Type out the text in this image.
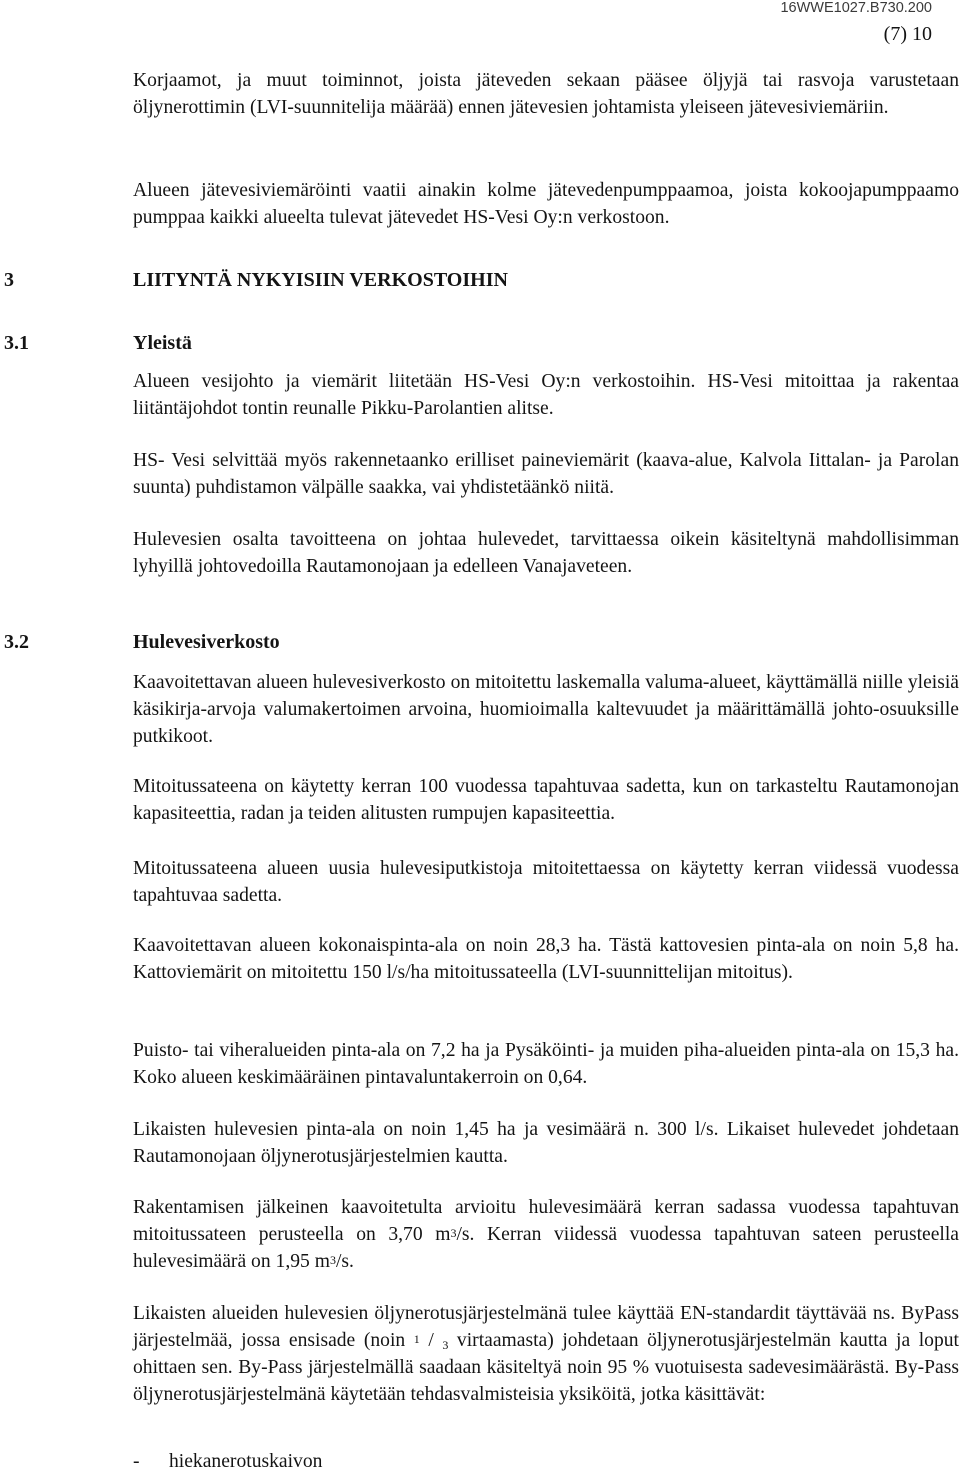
16WWE1027.B730.200
(7) 10

Korjaamot, ja muut toiminnot, joista jäteveden sekaan pääsee öljyjä tai rasvoja varustetaan öljynerottimin (LVI-suunnitelija määrää) ennen jätevesien johtamista yleiseen jätevesiviemäriin.

Alueen jätevesiviemäröinti vaatii ainakin kolme jätevedenpumppaamoa, joista kokoojapumppaamo pumppaa kaikki alueelta tulevat jätevedet HS-Vesi Oy:n verkostoon.

3	LIITYNTÄ NYKYISIIN VERKOSTOIHIN
3.1	Yleistä

Alueen vesijohto ja viemärit liitetään HS-Vesi Oy:n verkostoihin. HS-Vesi mitoittaa ja rakentaa liitäntäjohdot tontin reunalle Pikku-Parolantien alitse.

HS- Vesi selvittää myös rakennetaanko erilliset paineviemärit (kaava-alue, Kalvola Iittalan- ja Parolan suunta) puhdistamon välpälle saakka, vai yhdistetäänkö niitä.

Hulevesien osalta tavoitteena on johtaa hulevedet, tarvittaessa oikein käsiteltynä mahdollisimman lyhyillä johtovedoilla Rautamonojaan ja edelleen Vanajaveteen.

3.2	Hulevesiverkosto

Kaavoitettavan alueen hulevesiverkosto on mitoitettu laskemalla valuma-alueet, käyttämällä niille yleisiä käsikirja-arvoja valumakertoimen arvoina, huomioimalla kaltevuudet ja määrittämällä johto-osuuksille putkikoot.

Mitoitussateena on käytetty kerran 100 vuodessa tapahtuvaa sadetta, kun on tarkasteltu Rautamonojan kapasiteettia, radan ja teiden alitusten rumpujen kapasiteettia.

Mitoitussateena alueen uusia hulevesiputkistoja mitoitettaessa on käytetty kerran viidessä vuodessa tapahtuvaa sadetta.

Kaavoitettavan alueen kokonaispinta-ala on noin 28,3 ha. Tästä kattovesien pinta-ala on noin 5,8 ha. Kattoviemärit on mitoitettu 150 l/s/ha mitoitussateella (LVI-suunnittelijan mitoitus).

Puisto- tai viheralueiden pinta-ala on 7,2 ha ja Pysäköinti- ja muiden piha-alueiden pinta-ala on 15,3 ha. Koko alueen keskimääräinen pintavaluntakerroin on 0,64.

Likaisten hulevesien pinta-ala on noin 1,45 ha ja vesimäärä n. 300 l/s. Likaiset hulevedet johdetaan Rautamonojaan öljynerotusjärjestelmien kautta.

Rakentamisen jälkeinen kaavoitetulta arvioitu hulevesimäärä kerran sadassa vuodessa tapahtuvan mitoitussateen perusteella on 3,70 $m^3/s$. Kerran viidessä vuodessa tapahtuvan sateen perusteella hulevesimäärä on 1,95 $m^3/s$.

Likaisten alueiden hulevesien öljynerotusjärjestelmänä tulee käyttää EN-standardit täyttävää ns. ByPass järjestelmää, jossa ensisade (noin $^1$ / $_3$ virtaamasta) johdetaan öljynerotusjärjestelmän kautta ja loput ohittaen sen. By-Pass järjestelmällä saadaan käsiteltyä noin 95 % vuotuisesta sadevesimäärästä. By-Pass öljynerotusjärjestelmänä käytetään tehdasvalmisteisia yksiköitä, jotka käsittävät:

- hiekanerotuskaivon
